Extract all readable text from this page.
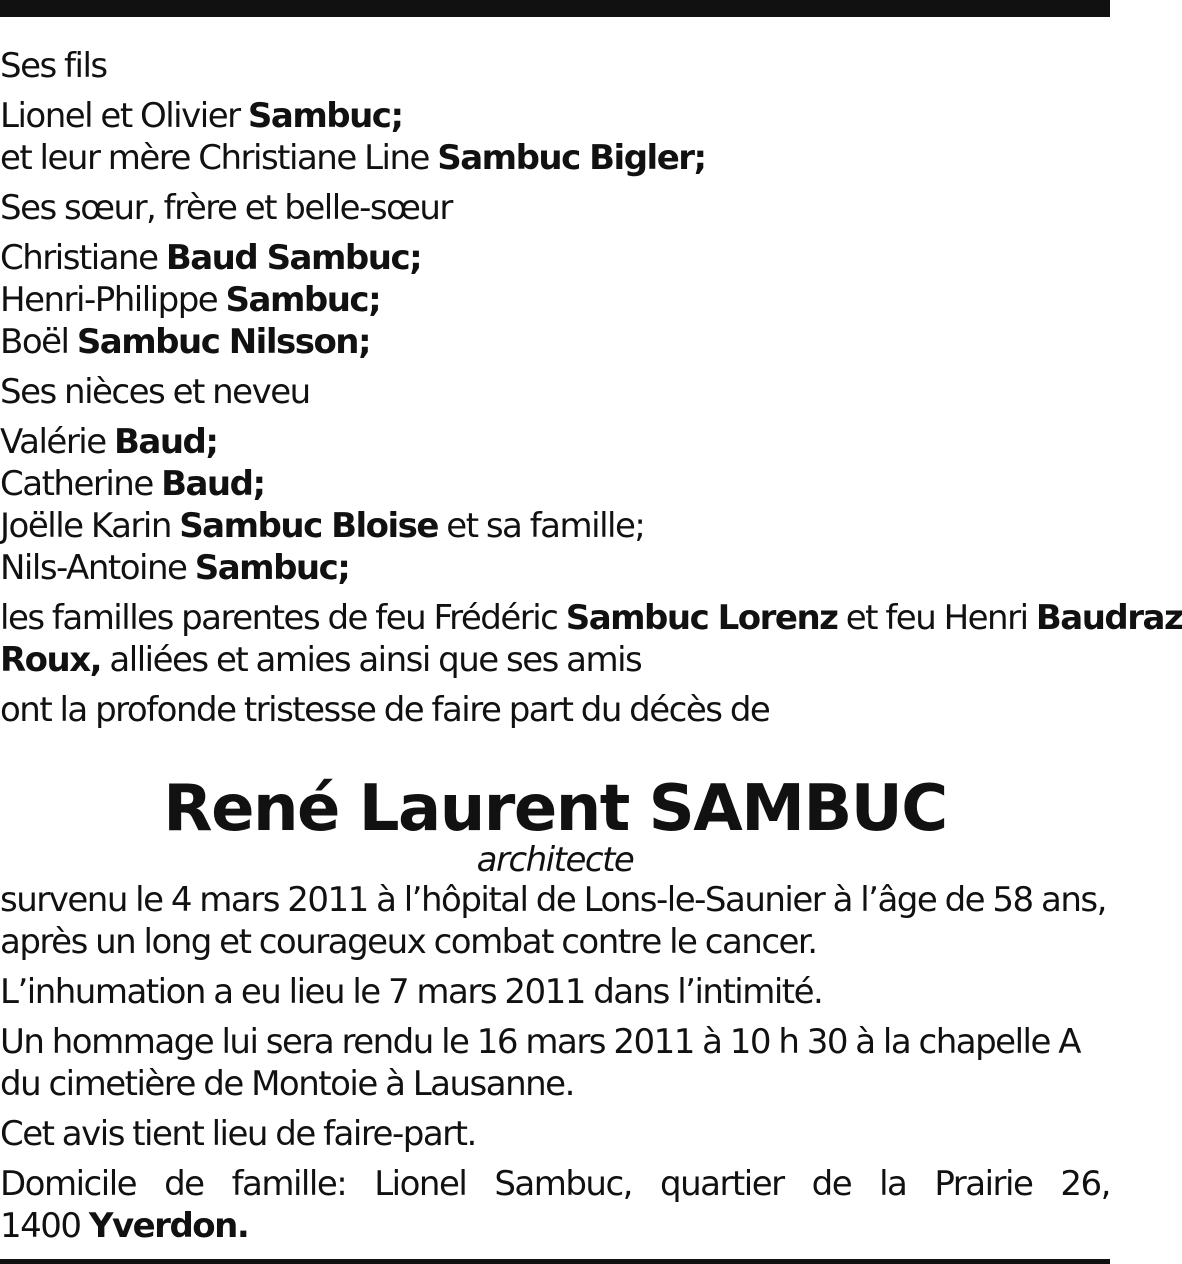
Ses fils

Lionel et Olivier Sambuc;

et leur mère Christiane Line Sambuc Bigler;

Ses sœur, frère et belle-sœur

Christiane Baud Sambuc;

Henri-Philippe Sambuc;

Boël Sambuc Nilsson;

Ses nièces et neveu

Valérie Baud;

Catherine Baud;

Joëlle Karin Sambuc Bloise et sa famille;

Nils-Antoine Sambuc;

les familles parentes de feu Frédéric Sambuc Lorenz et feu Henri Baudraz

Roux, alliées et amies ainsi que ses amis

ont la profonde tristesse de faire part du décès de

René Laurent SAMBUC

architecte

survenu le 4 mars 2011 à l’hôpital de Lons-le-Saunier à l’âge de 58 ans,

après un long et courageux combat contre le cancer.

L’inhumation a eu lieu le 7 mars 2011 dans l’intimité.

Un hommage lui sera rendu le 16 mars 2011 à 10 h 30 à la chapelle A

du cimetière de Montoie à Lausanne.

Cet avis tient lieu de faire-part.

Domicile de famille: Lionel Sambuc, quartier de la Prairie 26,

1400 Yverdon.
